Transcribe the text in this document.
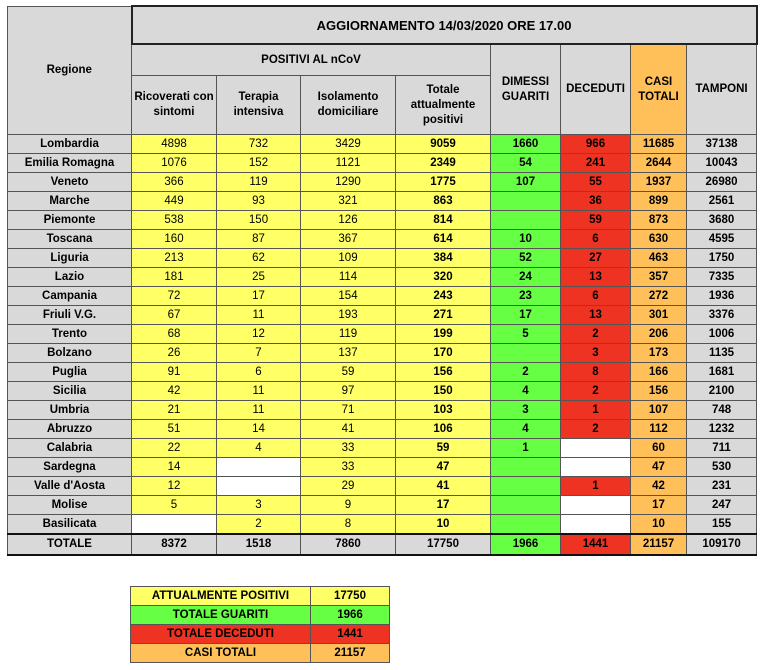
Regione	AGGIORNAMENTO 14/03/2020 ORE 17.00							
	POSITIVI AL nCoV				DIMESSI GUARITI	DECEDUTI	CASI TOTALI	TAMPONI
	Ricoverati con sintomi	Terapia intensiva	Isolamento domiciliare	Totale attualmente positivi				
Lombardia	4898	732	3429	9059	1660	966	11685	37138
Emilia Romagna	1076	152	1121	2349	54	241	2644	10043
Veneto	366	119	1290	1775	107	55	1937	26980
Marche	449	93	321	863		36	899	2561
Piemonte	538	150	126	814		59	873	3680
Toscana	160	87	367	614	10	6	630	4595
Liguria	213	62	109	384	52	27	463	1750
Lazio	181	25	114	320	24	13	357	7335
Campania	72	17	154	243	23	6	272	1936
Friuli V.G.	67	11	193	271	17	13	301	3376
Trento	68	12	119	199	5	2	206	1006
Bolzano	26	7	137	170		3	173	1135
Puglia	91	6	59	156	2	8	166	1681
Sicilia	42	11	97	150	4	2	156	2100
Umbria	21	11	71	103	3	1	107	748
Abruzzo	51	14	41	106	4	2	112	1232
Calabria	22	4	33	59	1		60	711
Sardegna	14		33	47			47	530
Valle d'Aosta	12		29	41		1	42	231
Molise	5	3	9	17			17	247
Basilicata		2	8	10			10	155
TOTALE	8372	1518	7860	17750	1966	1441	21157	109170
ATTUALMENTE POSITIVI	17750
TOTALE GUARITI	1966
TOTALE DECEDUTI	1441
CASI TOTALI	21157
